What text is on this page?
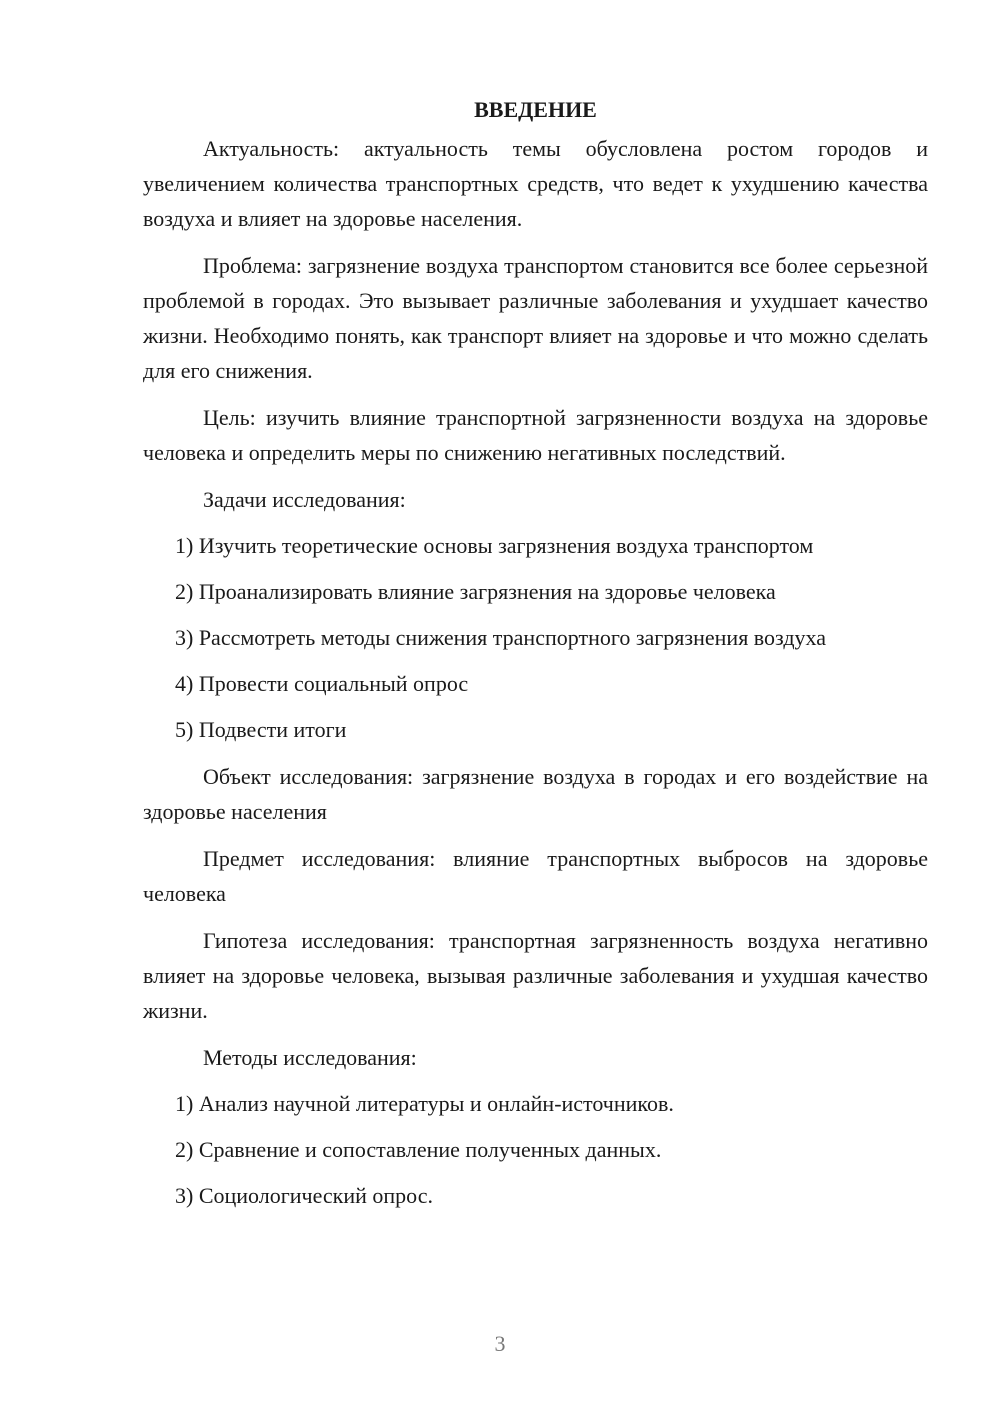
ВВЕДЕНИЕ

Актуальность: актуальность темы обусловлена ростом городов и увеличением количества транспортных средств, что ведет к ухудшению качества воздуха и влияет на здоровье населения.

Проблема: загрязнение воздуха транспортом становится все более серьезной проблемой в городах. Это вызывает различные заболевания и ухудшает качество жизни. Необходимо понять, как транспорт влияет на здоровье и что можно сделать для его снижения.

Цель: изучить влияние транспортной загрязненности воздуха на здоровье человека и определить меры по снижению негативных последствий.

Задачи исследования:
1) Изучить теоретические основы загрязнения воздуха транспортом
2) Проанализировать влияние загрязнения на здоровье человека
3) Рассмотреть методы снижения транспортного загрязнения воздуха
4) Провести социальный опрос
5) Подвести итоги

Объект исследования: загрязнение воздуха в городах и его воздействие на здоровье населения

Предмет исследования: влияние транспортных выбросов на здоровье человека

Гипотеза исследования: транспортная загрязненность воздуха негативно влияет на здоровье человека, вызывая различные заболевания и ухудшая качество жизни.

Методы исследования:
1) Анализ научной литературы и онлайн-источников.
2) Сравнение и сопоставление полученных данных.
3) Социологический опрос.
3
